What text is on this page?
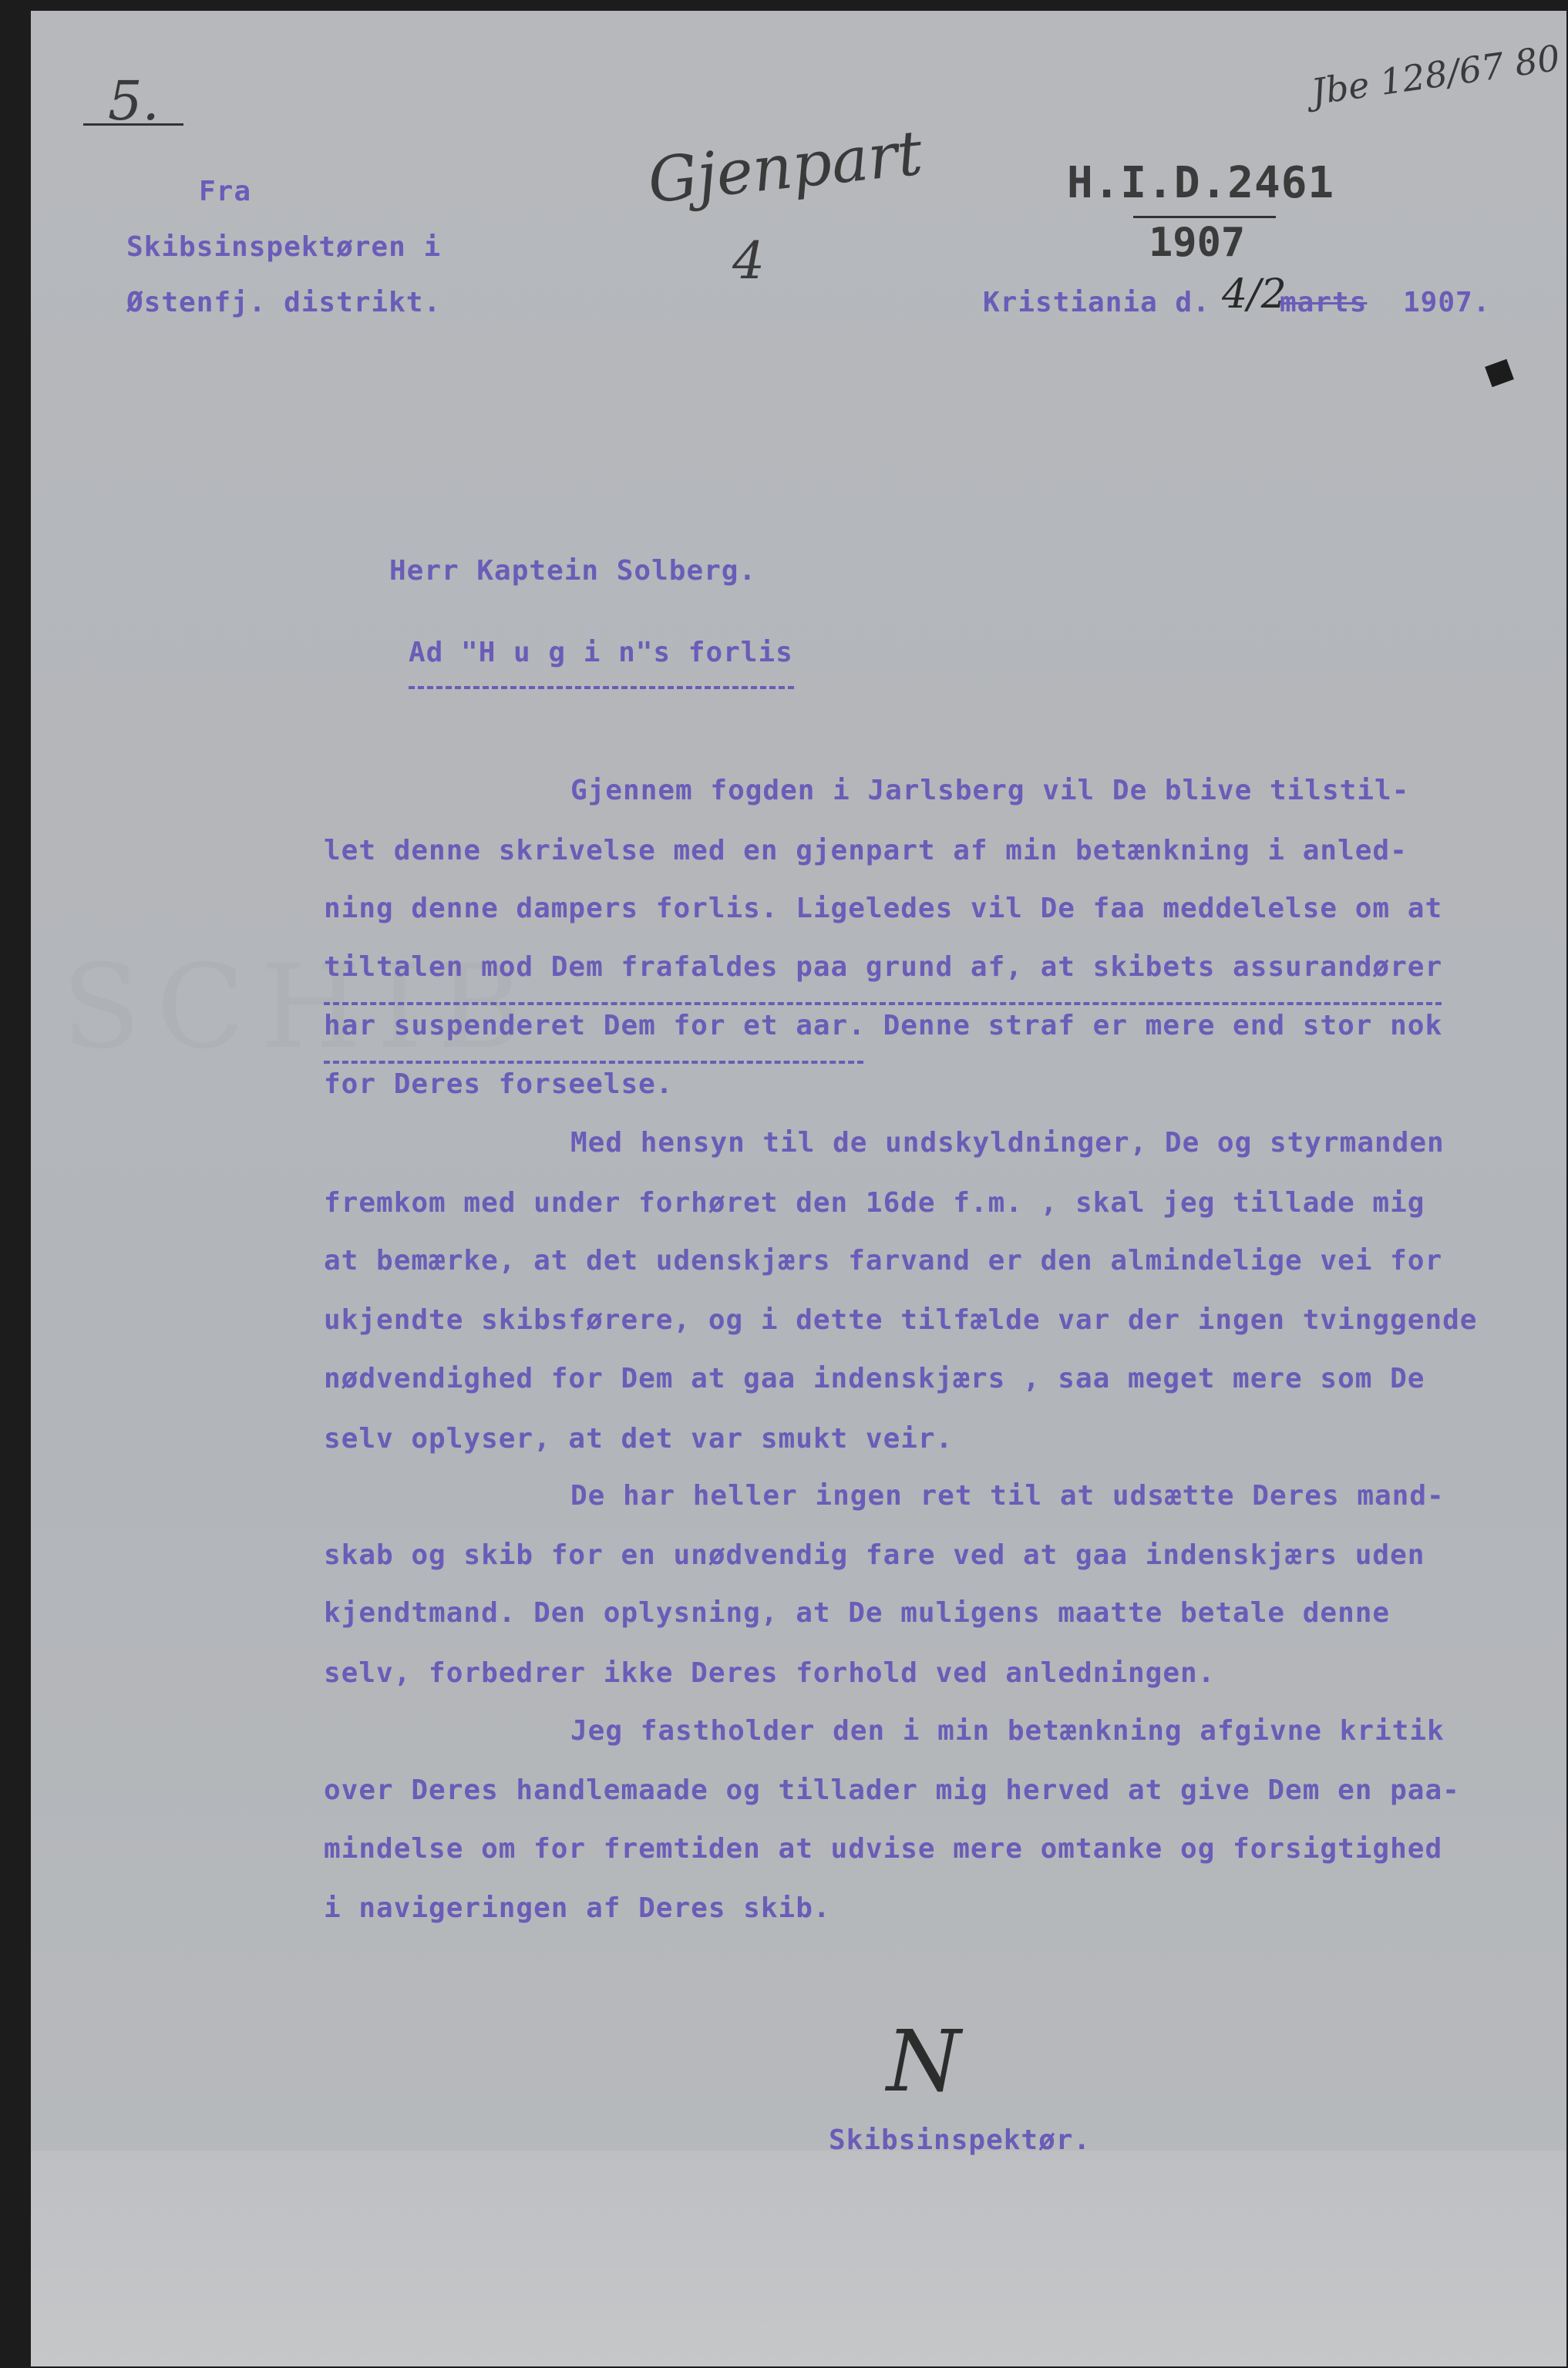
SCHIB
5.
Fra
Skibsinspektøren i
Østenfj. distrikt.
Gjenpart
4
H.I.D.2461
1907
Jbe 128/67 80
Kristiania d. 4/2
marts 1907.
Herr Kaptein Solberg.
Ad "H u g i n"s forlis
Gjennem fogden i Jarlsberg vil De blive tilstil-
let denne skrivelse med en gjenpart af min betænkning i anled-
ning denne dampers forlis. Ligeledes vil De faa meddelelse om at
tiltalen mod Dem frafaldes paa grund af, at skibets assurandører
har suspenderet Dem for et aar. Denne straf er mere end stor nok
for Deres forseelse.
Med hensyn til de undskyldninger, De og styrmanden
fremkom med under forhøret den 16de f.m. , skal jeg tillade mig
at bemærke, at det udenskjærs farvand er den almindelige vei for
ukjendte skibsførere, og i dette tilfælde var der ingen tvinggende
nødvendighed for Dem at gaa indenskjærs , saa meget mere som De
selv oplyser, at det var smukt veir.
De har heller ingen ret til at udsætte Deres mand-
skab og skib for en unødvendig fare ved at gaa indenskjærs uden
kjendtmand. Den oplysning, at De muligens maatte betale denne
selv, forbedrer ikke Deres forhold ved anledningen.
Jeg fastholder den i min betænkning afgivne kritik
over Deres handlemaade og tillader mig herved at give Dem en paa-
mindelse om for fremtiden at udvise mere omtanke og forsigtighed
i navigeringen af Deres skib.
N
Skibsinspektør.
